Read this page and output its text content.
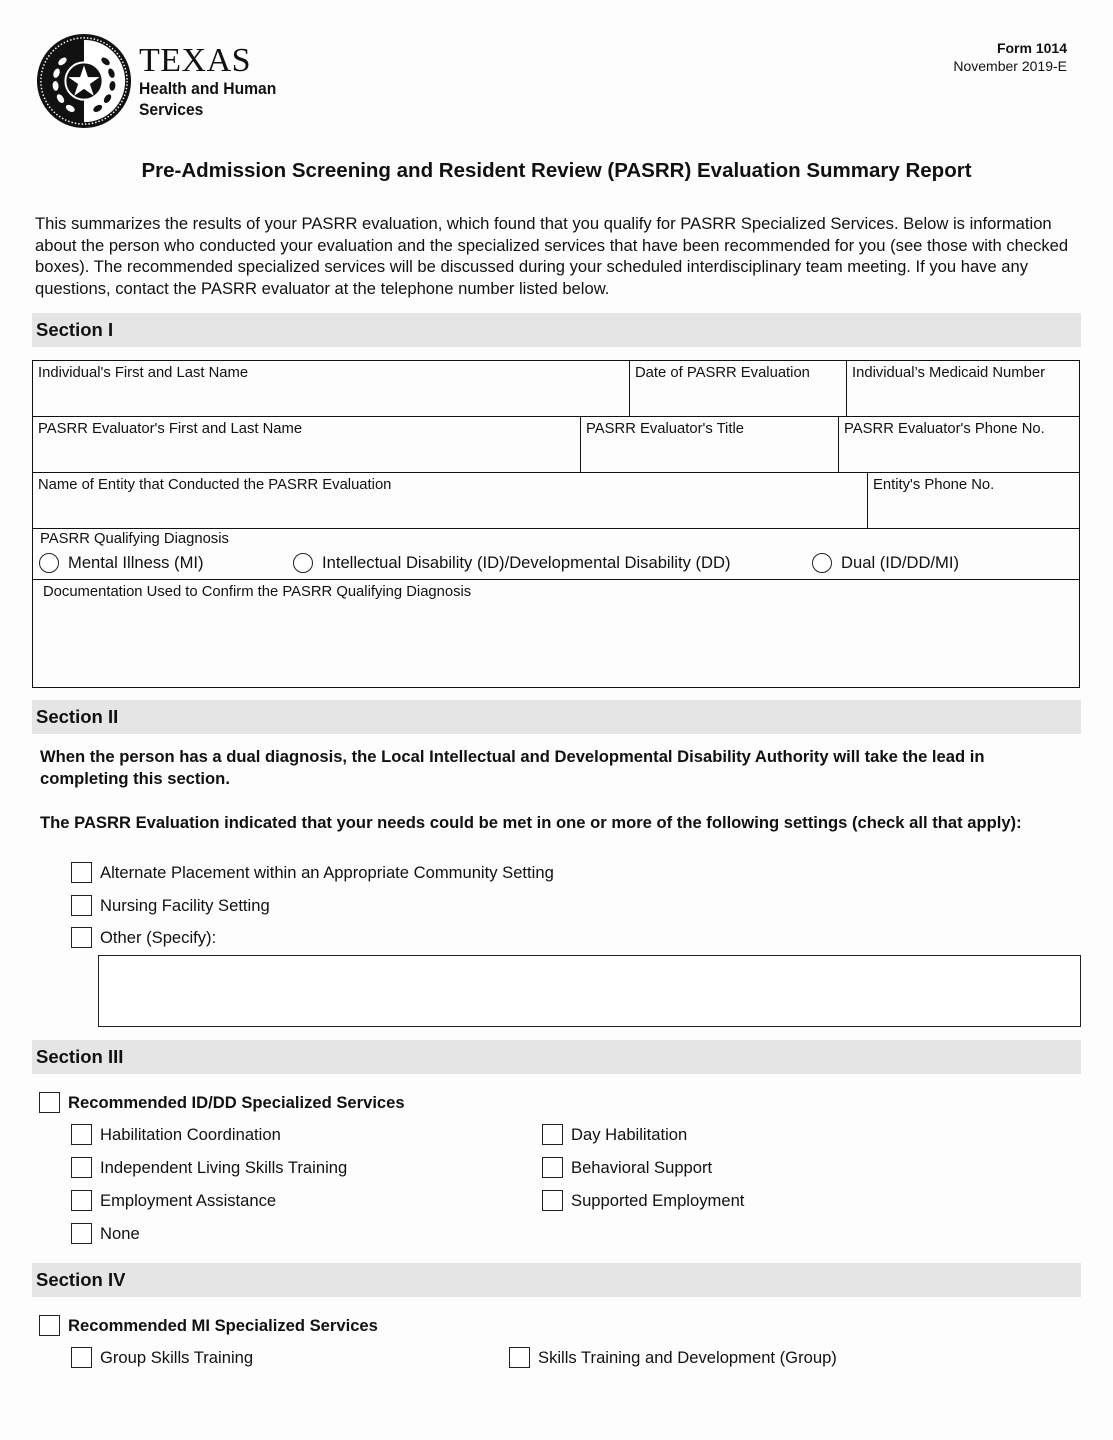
TEXAS
Health and Human
Services
Form 1014
November 2019-E
Pre-Admission Screening and Resident Review (PASRR) Evaluation Summary Report
This summarizes the results of your PASRR evaluation, which found that you qualify for PASRR Specialized Services. Below is information about the person who conducted your evaluation and the specialized services that have been recommended for you (see those with checked boxes). The recommended specialized services will be discussed during your scheduled interdisciplinary team meeting. If you have any questions, contact the PASRR evaluator at the telephone number listed below.
Section I
Individual's First and Last Name	Date of PASRR Evaluation	Individual’s Medicaid Number
PASRR Evaluator's First and Last Name	PASRR Evaluator's Title	PASRR Evaluator's Phone No.
Name of Entity that Conducted the PASRR Evaluation	Entity's Phone No.
PASRR Qualifying Diagnosis
Mental Illness (MI)	Intellectual Disability (ID)/Developmental Disability (DD)	Dual (ID/DD/MI)
Documentation Used to Confirm the PASRR Qualifying Diagnosis
Section II
When the person has a dual diagnosis, the Local Intellectual and Developmental Disability Authority will take the lead in completing this section.
The PASRR Evaluation indicated that your needs could be met in one or more of the following settings (check all that apply):
Alternate Placement within an Appropriate Community Setting
Nursing Facility Setting
Other (Specify):
Section III
Recommended ID/DD Specialized Services
Habilitation Coordination
Independent Living Skills Training
Employment Assistance
None
Day Habilitation
Behavioral Support
Supported Employment
Section IV
Recommended MI Specialized Services
Group Skills Training	Skills Training and Development (Group)
